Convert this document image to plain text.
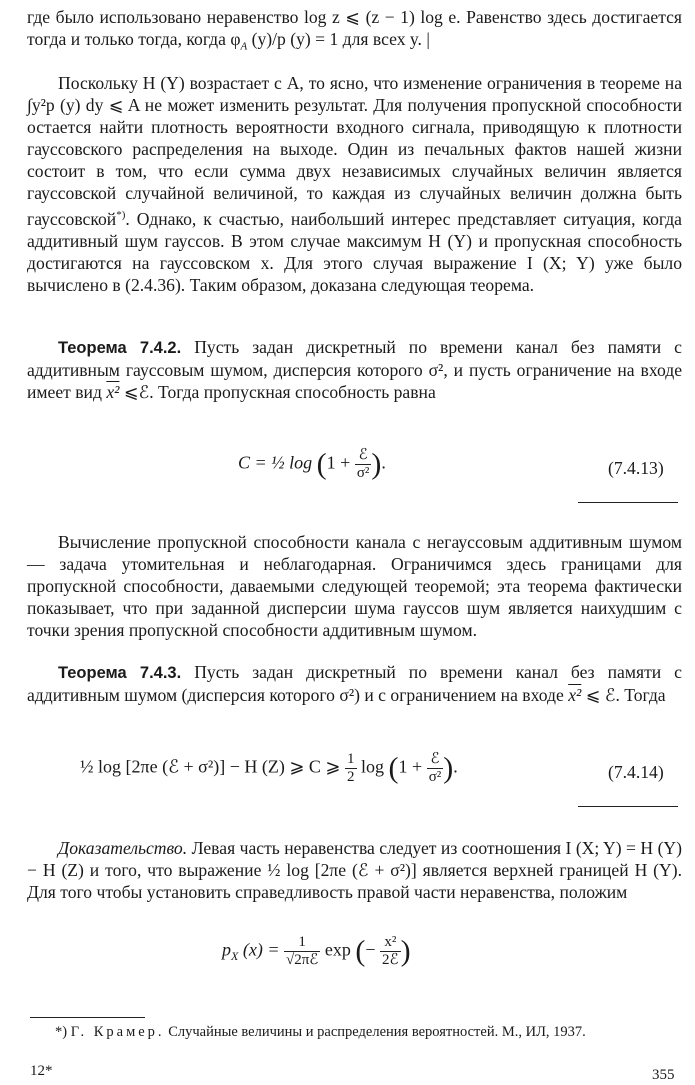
где было использовано неравенство log z ⩽ (z − 1) log e. Равенство здесь достигается тогда и только тогда, когда $\varphi_A$ (y)/p (y) = 1 для всех y. |
Поскольку H (Y) возрастает с A, то ясно, что изменение ограничения в теореме на ∫y²p (y) dy ⩽ A не может изменить результат. Для получения пропускной способности остается найти плотность вероятности входного сигнала, приводящую к плотности гауссовского распределения на выходе. Один из печальных фактов нашей жизни состоит в том, что если сумма двух независимых случайных величин является гауссовской случайной величиной, то каждая из случайных величин должна быть гауссовской*). Однако, к счастью, наибольший интерес представляет ситуация, когда аддитивный шум гауссов. В этом случае максимум H (Y) и пропускная способность достигаются на гауссовском x. Для этого случая выражение I (X; Y) уже было вычислено в (2.4.36). Таким образом, доказана следующая теорема.
Теорема 7.4.2. Пусть задан дискретный по времени канал без памяти с аддитивным гауссовым шумом, дисперсия которого σ², и пусть ограничение на входе имеет вид x² ⩽ℰ. Тогда пропускная способность равна
C = ½ $\log (1 + \frac{\text{ℰ}}{\text{σ²}}$ ).	(7.4.13)
Вычисление пропускной способности канала с негауссовым аддитивным шумом — задача утомительная и неблагодарная. Ограничимся здесь границами для пропускной способности, даваемыми следующей теоремой; эта теорема фактически показывает, что при заданной дисперсии шума гауссов шум является наихудшим с точки зрения пропускной способности аддитивным шумом.
Теорема 7.4.3. Пусть задан дискретный по времени канал без памяти с аддитивным шумом (дисперсия которого σ²) и с ограничением на входе x² ⩽ ℰ. Тогда
½ log [2πe (ℰ + σ²)] − H (Z) ⩾ C ⩾ $\frac{1}{2}$ $\log (1 + \frac{\text{ℰ}}{\text{σ²}}$ ).	(7.4.14)
Доказательство. Левая часть неравенства следует из соотношения I (X; Y) = H (Y) − H (Z) и того, что выражение ½ log [2πe (ℰ + σ²)] является верхней границей H (Y). Для того чтобы установить справедливость правой части неравенства, положим
$p_X$ $(x) = \frac{1}{\text{√2πℰ}}$ exp (− $\frac{\text{x²}}{\text{2ℰ}}$ )
*) Г. Крамер. Случайные величины и распределения вероятностей. М., ИЛ, 1937.
12*	355
